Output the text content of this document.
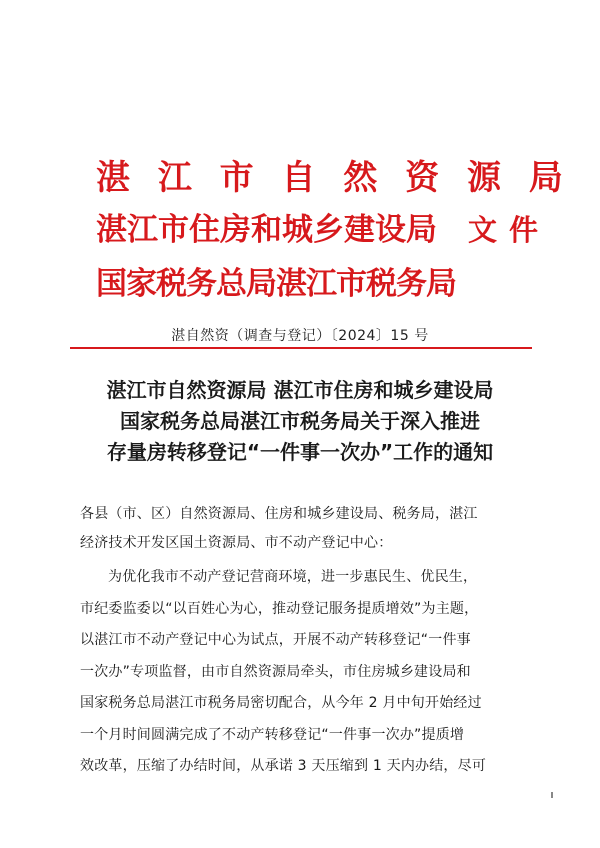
湛 江 市 自 然 资 源 局
湛江市住房和城乡建设局
国家税务总局湛江市税务局
文件
湛自然资（调查与登记）〔2024〕15 号
湛江市自然资源局 湛江市住房和城乡建设局
国家税务总局湛江市税务局关于深入推进
存量房转移登记“一件事一次办”工作的通知
各县（市、区）自然资源局、住房和城乡建设局、税务局，湛江
经济技术开发区国土资源局、市不动产登记中心：
为优化我市不动产登记营商环境，进一步惠民生、优民生，
市纪委监委以“以百姓心为心，推动登记服务提质增效”为主题，
以湛江市不动产登记中心为试点，开展不动产转移登记“一件事
一次办”专项监督，由市自然资源局牵头，市住房城乡建设局和
国家税务总局湛江市税务局密切配合，从今年 2 月中旬开始经过
一个月时间圆满完成了不动产转移登记“一件事一次办”提质增
效改革，压缩了办结时间，从承诺 3 天压缩到 1 天内办结，尽可
